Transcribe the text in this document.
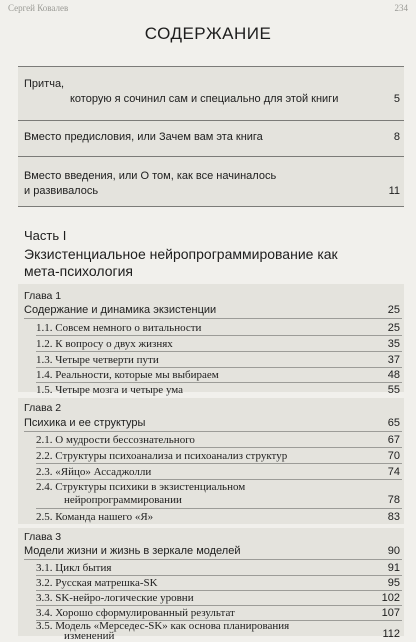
Сергей Ковалев	234
СОДЕРЖАНИЕ
Притча,
которую я сочинил сам и специально для этой книги	5
Вместо предисловия, или Зачем вам эта книга	8
Вместо введения, или О том, как все начиналось
и развивалось	11
Часть I
Экзистенциальное нейропрограммирование как
мета-психология
Глава 1
Содержание и динамика экзистенции	25
1.1. Совсем немного о витальности	25
1.2. К вопросу о двух жизнях	35
1.3. Четыре четверти пути	37
1.4. Реальности, которые мы выбираем	48
1.5. Четыре мозга и четыре ума	55
Глава 2
Психика и ее структуры	65
2.1. О мудрости бессознательного	67
2.2. Структуры психоанализа и психоанализ структур	70
2.3. «Яйцо» Ассаджолли	74
2.4. Структуры психики в экзистенциальном
нейропрограммировании	78
2.5. Команда нашего «Я»	83
Глава 3
Модели жизни и жизнь в зеркале моделей	90
3.1. Цикл бытия	91
3.2. Русская матрешка-SK	95
3.3. SK-нейро-логические уровни	102
3.4. Хорошо сформулированный результат	107
3.5. Модель «Мерседес-SK» как основа планирования
изменений	112
